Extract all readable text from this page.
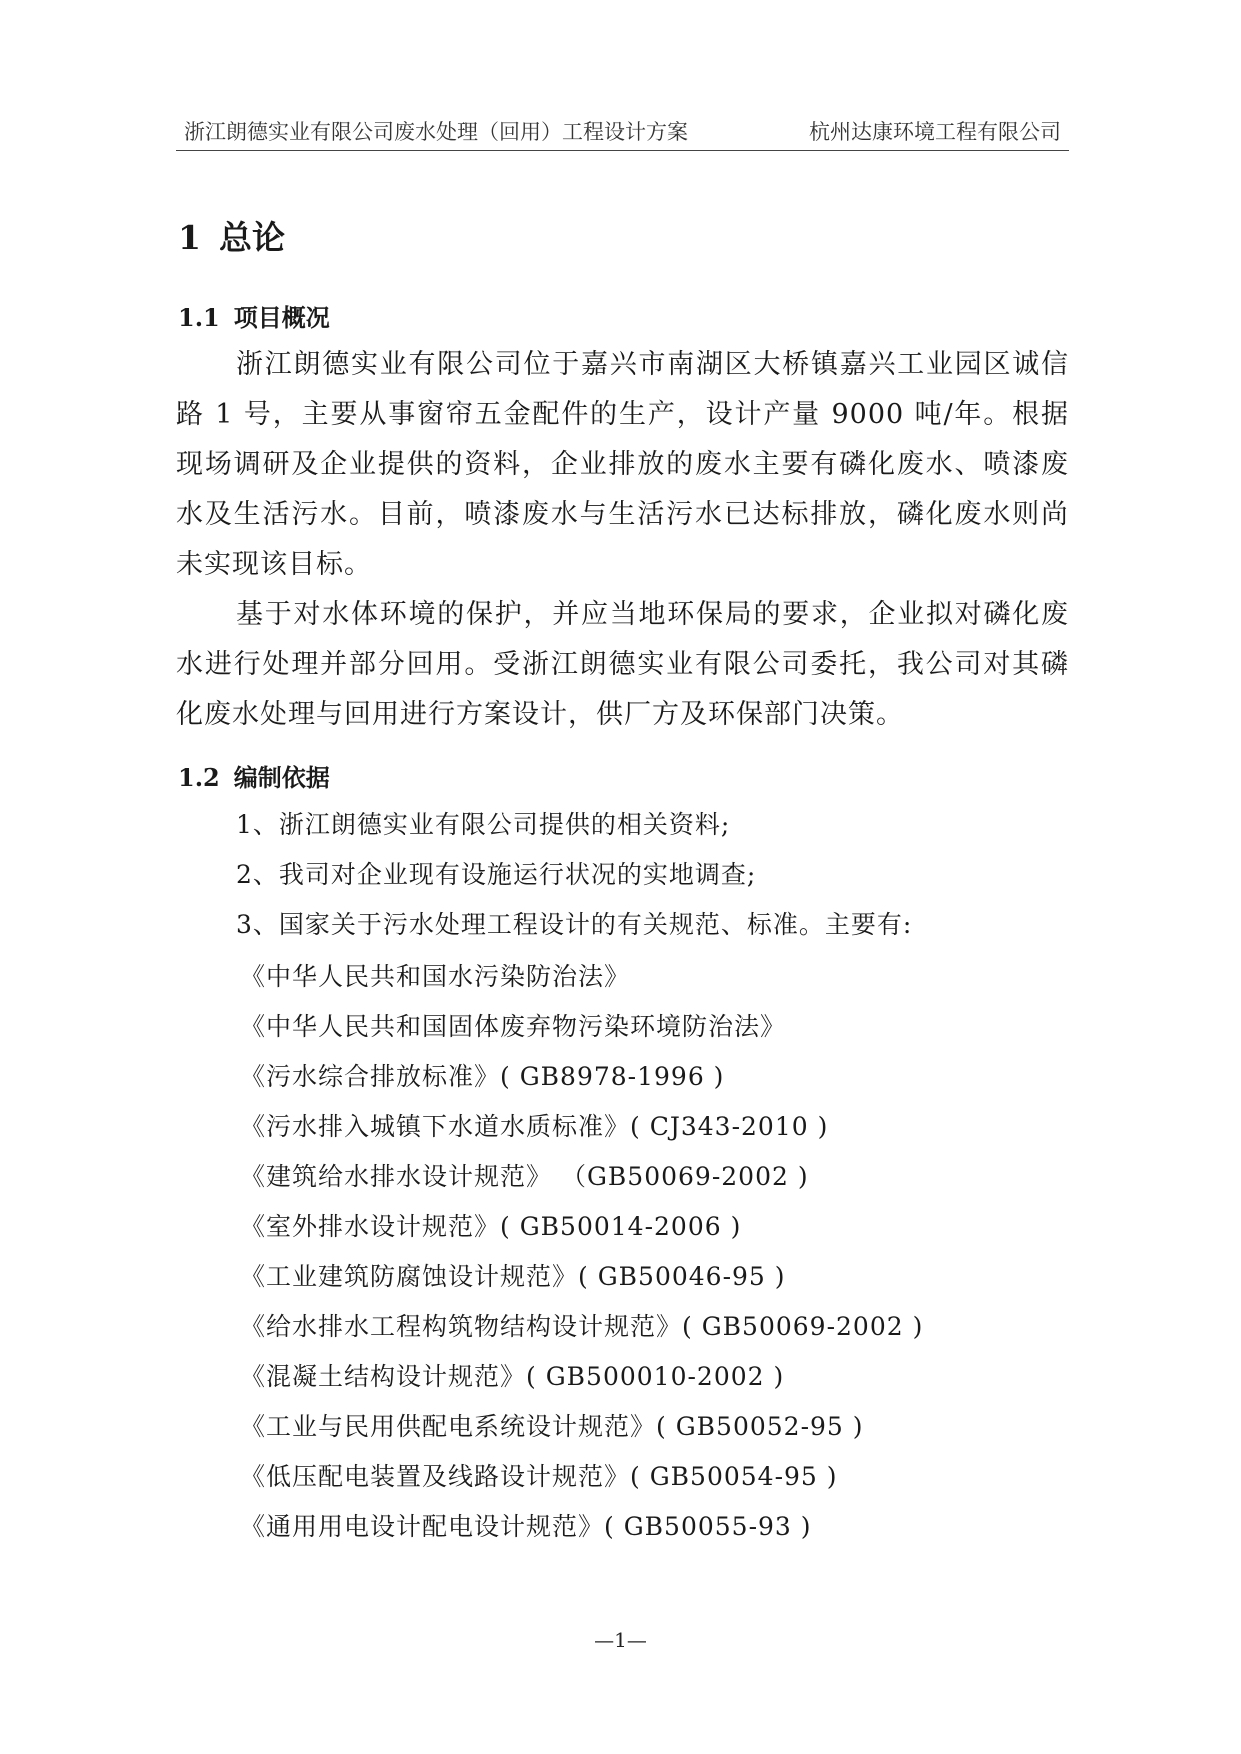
浙江朗德实业有限公司废水处理（回用）工程设计方案	杭州达康环境工程有限公司
1 总论
1.1 项目概况
浙江朗德实业有限公司位于嘉兴市南湖区大桥镇嘉兴工业园区诚信路 1 号，主要从事窗帘五金配件的生产，设计产量 9000 吨/年。根据现场调研及企业提供的资料，企业排放的废水主要有磷化废水、喷漆废水及生活污水。目前，喷漆废水与生活污水已达标排放，磷化废水则尚未实现该目标。
基于对水体环境的保护，并应当地环保局的要求，企业拟对磷化废水进行处理并部分回用。受浙江朗德实业有限公司委托，我公司对其磷化废水处理与回用进行方案设计，供厂方及环保部门决策。
1.2 编制依据
1、浙江朗德实业有限公司提供的相关资料;
2、我司对企业现有设施运行状况的实地调查;
3、国家关于污水处理工程设计的有关规范、标准。主要有:
《中华人民共和国水污染防治法》
《中华人民共和国固体废弃物污染环境防治法》
《污水综合排放标准》( GB8978-1996 )
《污水排入城镇下水道水质标准》( CJ343-2010 )
《建筑给水排水设计规范》 （GB50069-2002 )
《室外排水设计规范》( GB50014-2006 )
《工业建筑防腐蚀设计规范》( GB50046-95 )
《给水排水工程构筑物结构设计规范》( GB50069-2002 )
《混凝土结构设计规范》( GB500010-2002 )
《工业与民用供配电系统设计规范》( GB50052-95 )
《低压配电装置及线路设计规范》( GB50054-95 )
《通用用电设计配电设计规范》( GB50055-93 )
—1—
